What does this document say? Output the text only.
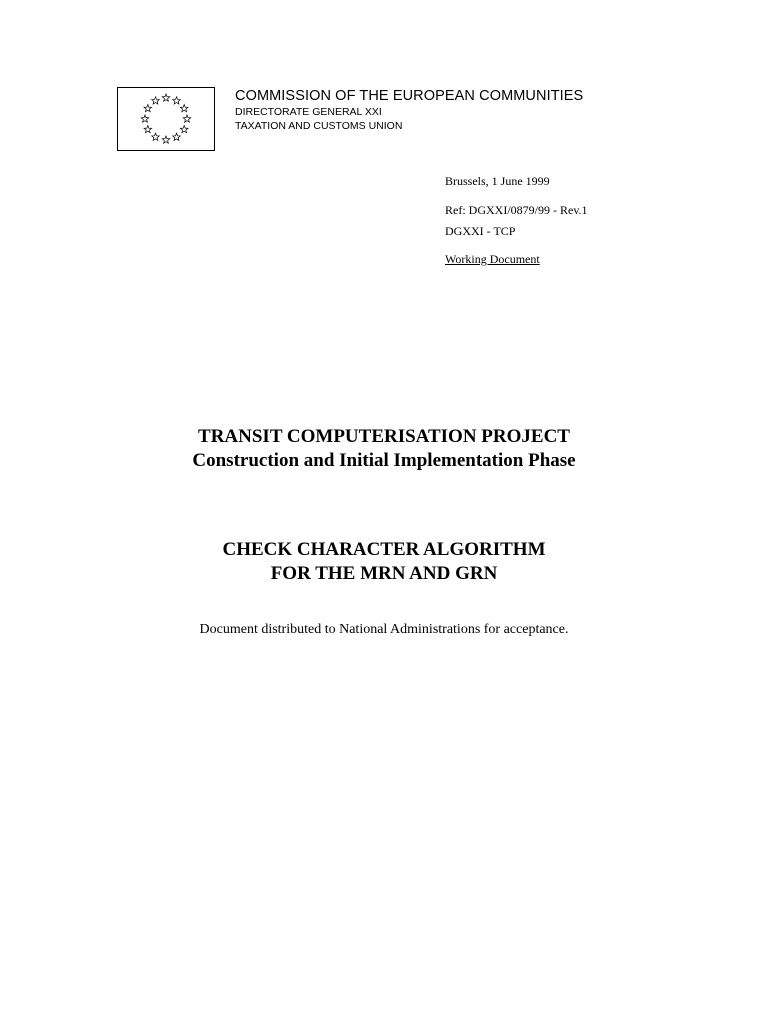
COMMISSION OF THE EUROPEAN COMMUNITIES
DIRECTORATE GENERAL XXI
TAXATION AND CUSTOMS UNION
Brussels, 1 June 1999
Ref: DGXXI/0879/99 - Rev.1
DGXXI - TCP
Working Document
TRANSIT COMPUTERISATION PROJECT
Construction and Initial Implementation Phase
CHECK CHARACTER ALGORITHM
FOR THE MRN AND GRN
Document distributed to National Administrations for acceptance.
